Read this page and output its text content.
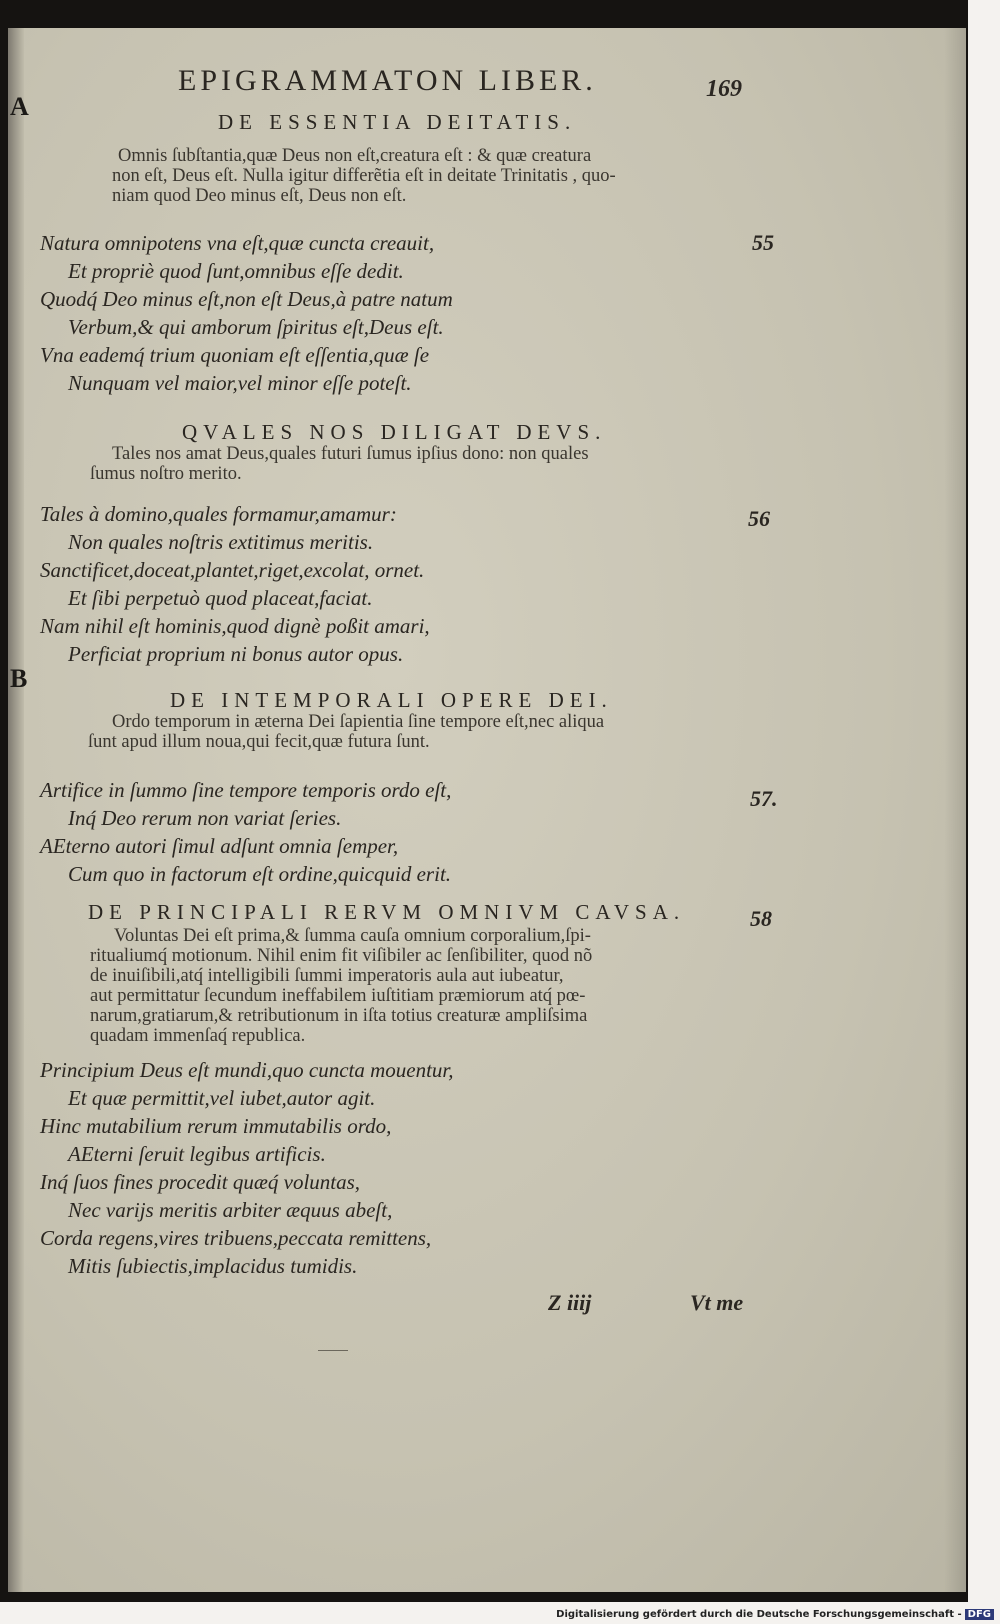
A
B
EPIGRAMMATON LIBER.	169
DE ESSENTIA DEITATIS.
Omnis ſubſtantia,quæ Deus non eſt,creatura eſt : & quæ creatura
non eſt, Deus eſt. Nulla igitur differẽtia eſt in deitate Trinitatis , quo-
niam quod Deo minus eſt, Deus non eſt.
55
Natura omnipotens vna eſt,quæ cuncta creauit,
Et propriè quod ſunt,omnibus eſſe dedit.
Quodq́ Deo minus eſt,non eſt Deus,à patre natum
Verbum,& qui amborum ſpiritus eſt,Deus eſt.
Vna eademq́ trium quoniam eſt eſſentia,quæ ſe
Nunquam vel maior,vel minor eſſe poteſt.
QVALES NOS DILIGAT DEVS.
Tales nos amat Deus,quales futuri ſumus ipſius dono: non quales
ſumus noſtro merito.
56
Tales à domino,quales formamur,amamur:
Non quales noſtris extitimus meritis.
Sanctificet,doceat,plantet,riget,excolat, ornet.
Et ſibi perpetuò quod placeat,faciat.
Nam nihil eſt hominis,quod dignè poßit amari,
Perficiat proprium ni bonus autor opus.
DE INTEMPORALI OPERE DEI.
Ordo temporum in æterna Dei ſapientia ſine tempore eſt,nec aliqua
ſunt apud illum noua,qui fecit,quæ futura ſunt.
57.
Artifice in ſummo ſine tempore temporis ordo eſt,
Inq́ Deo rerum non variat ſeries.
AEterno autori ſimul adſunt omnia ſemper,
Cum quo in factorum eſt ordine,quicquid erit.
DE PRINCIPALI RERVM OMNIVM CAVSA.	58
Voluntas Dei eſt prima,& ſumma cauſa omnium corporalium,ſpi-
ritualiumq́ motionum. Nihil enim fit viſibiler ac ſenſibiliter, quod nõ
de inuiſibili,atq́ intelligibili ſummi imperatoris aula aut iubeatur,
aut permittatur ſecundum ineffabilem iuſtitiam præmiorum atq́ pœ-
narum,gratiarum,& retributionum in iſta totius creaturæ ampliſsima
quadam immenſaq́ republica.
Principium Deus eſt mundi,quo cuncta mouentur,
Et quæ permittit,vel iubet,autor agit.
Hinc mutabilium rerum immutabilis ordo,
AEterni ſeruit legibus artificis.
Inq́ ſuos fines procedit quæq́ voluntas,
Nec varijs meritis arbiter æquus abeſt,
Corda regens,vires tribuens,peccata remittens,
Mitis ſubiectis,implacidus tumidis.
Z iiij	Vt me
Digitalisierung gefördert durch die Deutsche Forschungsgemeinschaft - DFG
